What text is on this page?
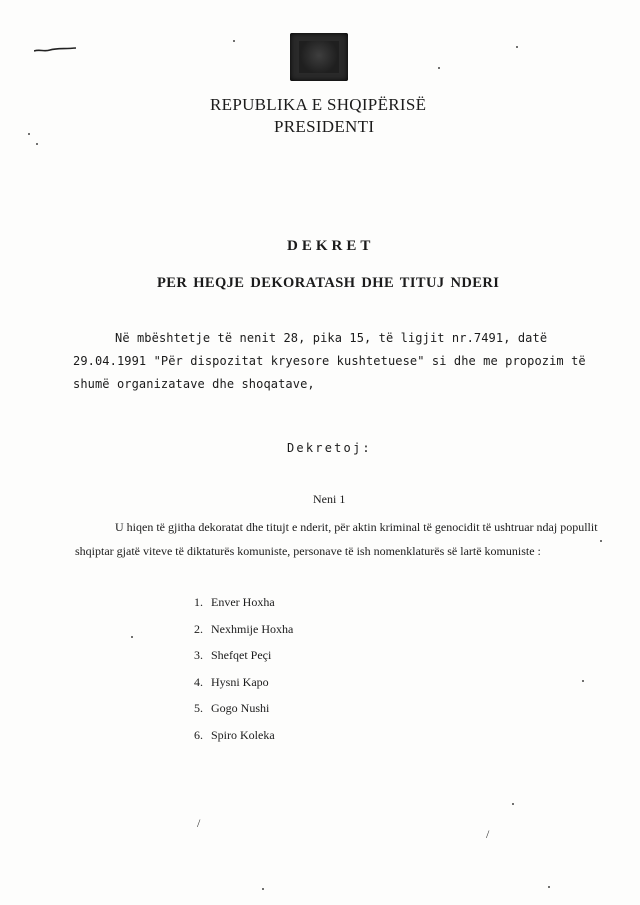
/
/
REPUBLIKA E SHQIPËRISË
PRESIDENTI
DEKRET
PER HEQJE DEKORATASH DHE TITUJ NDERI
Në mbështetje të nenit 28, pika 15, të ligjit nr.7491, datë 29.04.1991 "Për dispozitat kryesore kushtetuese" si dhe me propozim të shumë organizatave dhe shoqatave,
Dekretoj:
Neni 1
U hiqen të gjitha dekoratat dhe titujt e nderit, për aktin kriminal të genocidit të ushtruar ndaj popullit shqiptar gjatë viteve të diktaturës komuniste, personave të ish nomenklaturës së lartë komuniste :
1. Enver Hoxha
2. Nexhmije Hoxha
3. Shefqet Peçi
4. Hysni Kapo
5. Gogo Nushi
6. Spiro Koleka
